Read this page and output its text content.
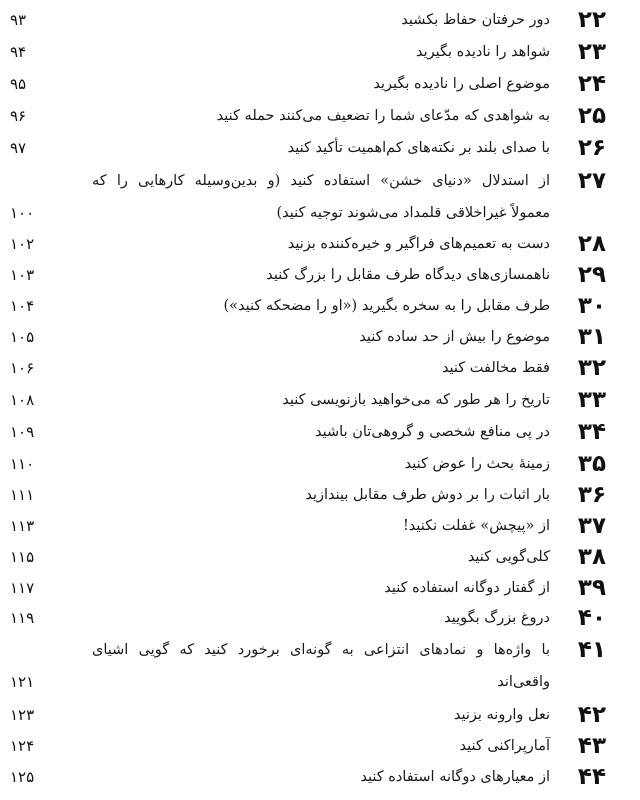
۲۲
دور حرفتان حفاظ بکشید
۹۳
۲۳
شواهد را نادیده بگیرید
۹۴
۲۴
موضوع اصلی را نادیده بگیرید
۹۵
۲۵
به شواهدی که مدّعای شما را تضعیف می‌کنند حمله کنید
۹۶
۲۶
با صدای بلند بر نکته‌های کم‌اهمیت تأکید کنید
۹۷
۲۷
از استدلال «دنیای خشن» استفاده کنید (و بدین‌وسیله کارهایی را که
معمولاً غیراخلاقی قلمداد می‌شوند توجیه کنید)
۱۰۰
۲۸
دست به تعمیم‌های فراگیر و خیره‌کننده بزنید
۱۰۲
۲۹
ناهمسازی‌های دیدگاه طرف مقابل را بزرگ کنید
۱۰۳
۳۰
طرف مقابل را به سخره بگیرید («او را مضحکه کنید»)
۱۰۴
۳۱
موضوع را بیش از حد ساده کنید
۱۰۵
۳۲
فقط مخالفت کنید
۱۰۶
۳۳
تاریخ را هر طور که می‌خواهید بازنویسی کنید
۱۰۸
۳۴
در پی منافع شخصی و گروهی‌تان باشید
۱۰۹
۳۵
زمینهٔ بحث را عوض کنید
۱۱۰
۳۶
بار اثبات را بر دوش طرف مقابل بیندازید
۱۱۱
۳۷
از «پیچش» غفلت نکنید!
۱۱۳
۳۸
کلی‌گویی کنید
۱۱۵
۳۹
از گفتار دوگانه استفاده کنید
۱۱۷
۴۰
دروغ بزرگ بگویید
۱۱۹
۴۱
با واژه‌ها و نمادهای انتزاعی به گونه‌ای برخورد کنید که گویی اشیای
واقعی‌اند
۱۲۱
۴۲
نعل وارونه بزنید
۱۲۳
۴۳
آمارپراکنی کنید
۱۲۴
۴۴
از معیارهای دوگانه استفاده کنید
۱۲۵
